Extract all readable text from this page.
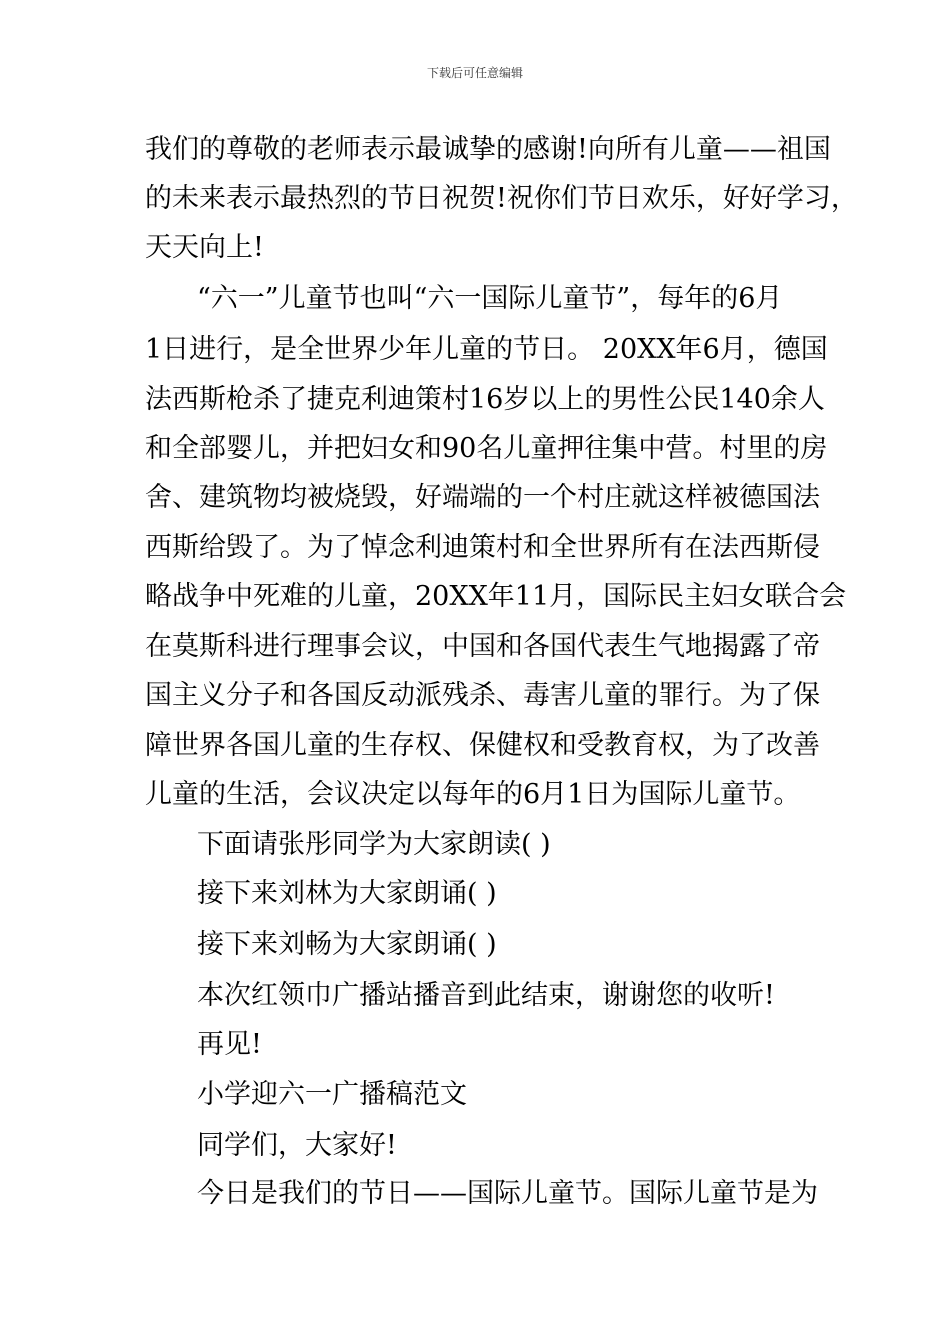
下载后可任意编辑
我们的尊敬的老师表示最诚挚的感谢!向所有儿童——祖国
的未来表示最热烈的节日祝贺!祝你们节日欢乐，好好学习，
天天向上!
“六一”儿童节也叫“六一国际儿童节”，每年的6月
1日进行，是全世界少年儿童的节日。 20XX年6月，德国
法西斯枪杀了捷克利迪策村16岁以上的男性公民140余人
和全部婴儿，并把妇女和90名儿童押往集中营。村里的房
舍、建筑物均被烧毁，好端端的一个村庄就这样被德国法
西斯给毁了。为了悼念利迪策村和全世界所有在法西斯侵
略战争中死难的儿童，20XX年11月，国际民主妇女联合会
在莫斯科进行理事会议，中国和各国代表生气地揭露了帝
国主义分子和各国反动派残杀、毒害儿童的罪行。为了保
障世界各国儿童的生存权、保健权和受教育权，为了改善
儿童的生活，会议决定以每年的6月1日为国际儿童节。
下面请张彤同学为大家朗读( )
接下来刘林为大家朗诵( )
接下来刘畅为大家朗诵( )
本次红领巾广播站播音到此结束，谢谢您的收听!
再见!
小学迎六一广播稿范文
同学们，大家好!
今日是我们的节日——国际儿童节。国际儿童节是为
